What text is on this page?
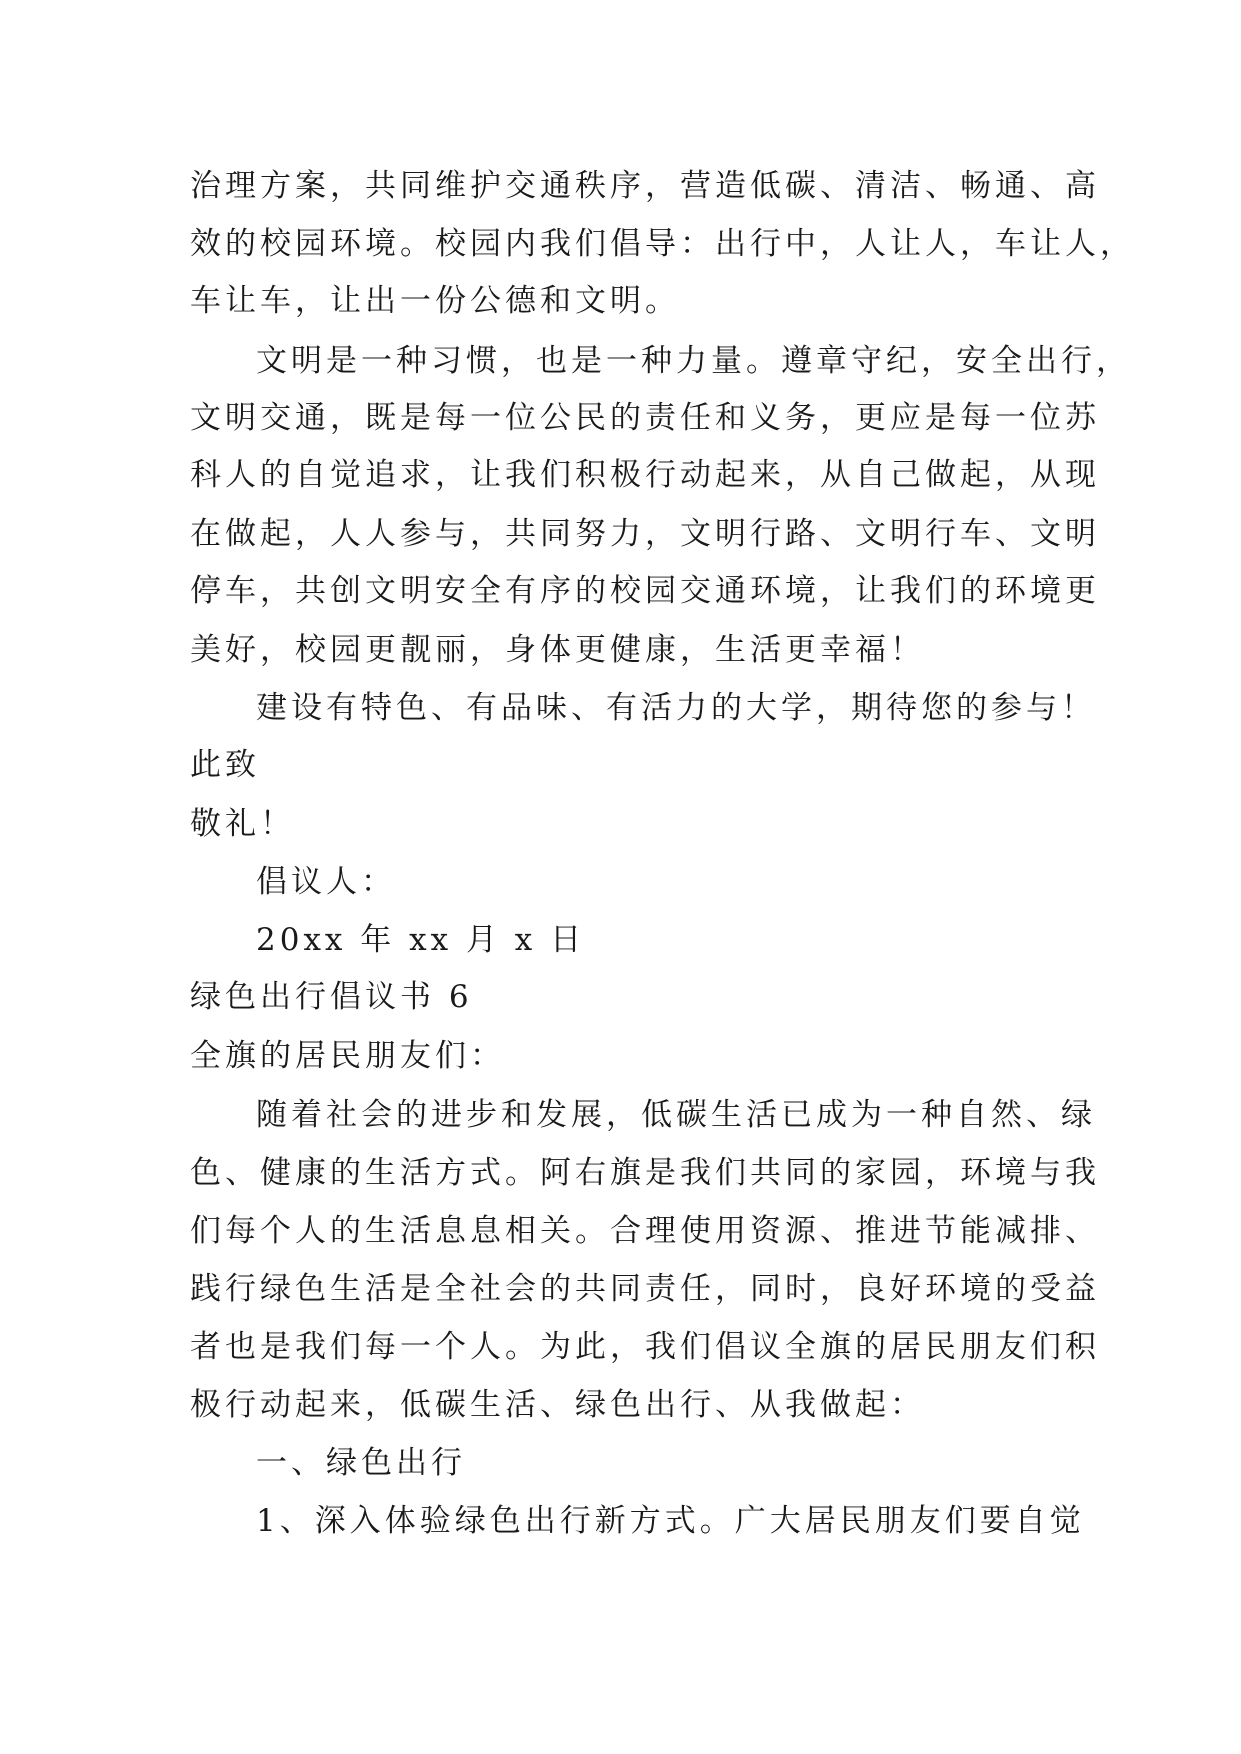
治理方案，共同维护交通秩序，营造低碳、清洁、畅通、高
效的校园环境。校园内我们倡导：出行中，人让人，车让人，
车让车，让出一份公德和文明。
文明是一种习惯，也是一种力量。遵章守纪，安全出行，
文明交通，既是每一位公民的责任和义务，更应是每一位苏
科人的自觉追求，让我们积极行动起来，从自己做起，从现
在做起，人人参与，共同努力，文明行路、文明行车、文明
停车，共创文明安全有序的校园交通环境，让我们的环境更
美好，校园更靓丽，身体更健康，生活更幸福！
建设有特色、有品味、有活力的大学，期待您的参与！
此致
敬礼！
倡议人：
20xx 年 xx 月 x 日
绿色出行倡议书 6
全旗的居民朋友们：
随着社会的进步和发展，低碳生活已成为一种自然、绿
色、健康的生活方式。阿右旗是我们共同的家园，环境与我
们每个人的生活息息相关。合理使用资源、推进节能减排、
践行绿色生活是全社会的共同责任，同时，良好环境的受益
者也是我们每一个人。为此，我们倡议全旗的居民朋友们积
极行动起来，低碳生活、绿色出行、从我做起：
一、绿色出行
1、深入体验绿色出行新方式。广大居民朋友们要自觉
